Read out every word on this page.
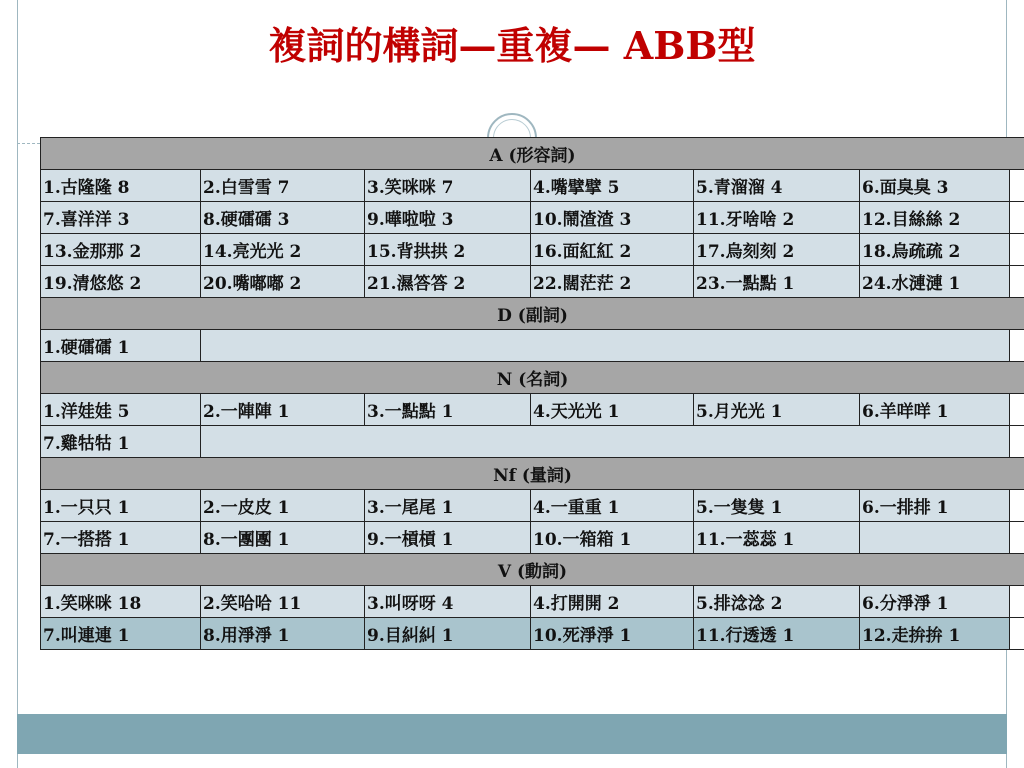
複詞的構詞—重複— ABB型
A (形容詞)						
1.古隆隆 8	2.白雪雪 7	3.笑咪咪 7	4.嘴擘擘 5	5.青溜溜 4	6.面臭臭 3	
7.喜洋洋 3	8.硬礌礌 3	9.嘩啦啦 3	10.鬧渣渣 3	11.牙啥啥 2	12.目絲絲 2	
13.金那那 2	14.亮光光 2	15.背拱拱 2	16.面紅紅 2	17.烏刻刻 2	18.烏疏疏 2	
19.清悠悠 2	20.嘴嘟嘟 2	21.濕答答 2	22.闊茫茫 2	23.一點點 1	24.水漣漣 1	
D (副詞)						
1.硬礌礌 1						
N (名詞)						
1.洋娃娃 5	2.一陣陣 1	3.一點點 1	4.天光光 1	5.月光光 1	6.羊咩咩 1	
7.雞牯牯 1						
Nf (量詞)						
1.一只只 1	2.一皮皮 1	3.一尾尾 1	4.一重重 1	5.一隻隻 1	6.一排排 1	
7.一搭搭 1	8.一團團 1	9.一槓槓 1	10.一箱箱 1	11.一蕊蕊 1		
V (動詞)						
1.笑咪咪 18	2.笑哈哈 11	3.叫呀呀 4	4.打開開 2	5.排淰淰 2	6.分淨淨 1	
7.叫連連 1	8.用淨淨 1	9.目糾糾 1	10.死淨淨 1	11.行透透 1	12.走拚拚 1	
